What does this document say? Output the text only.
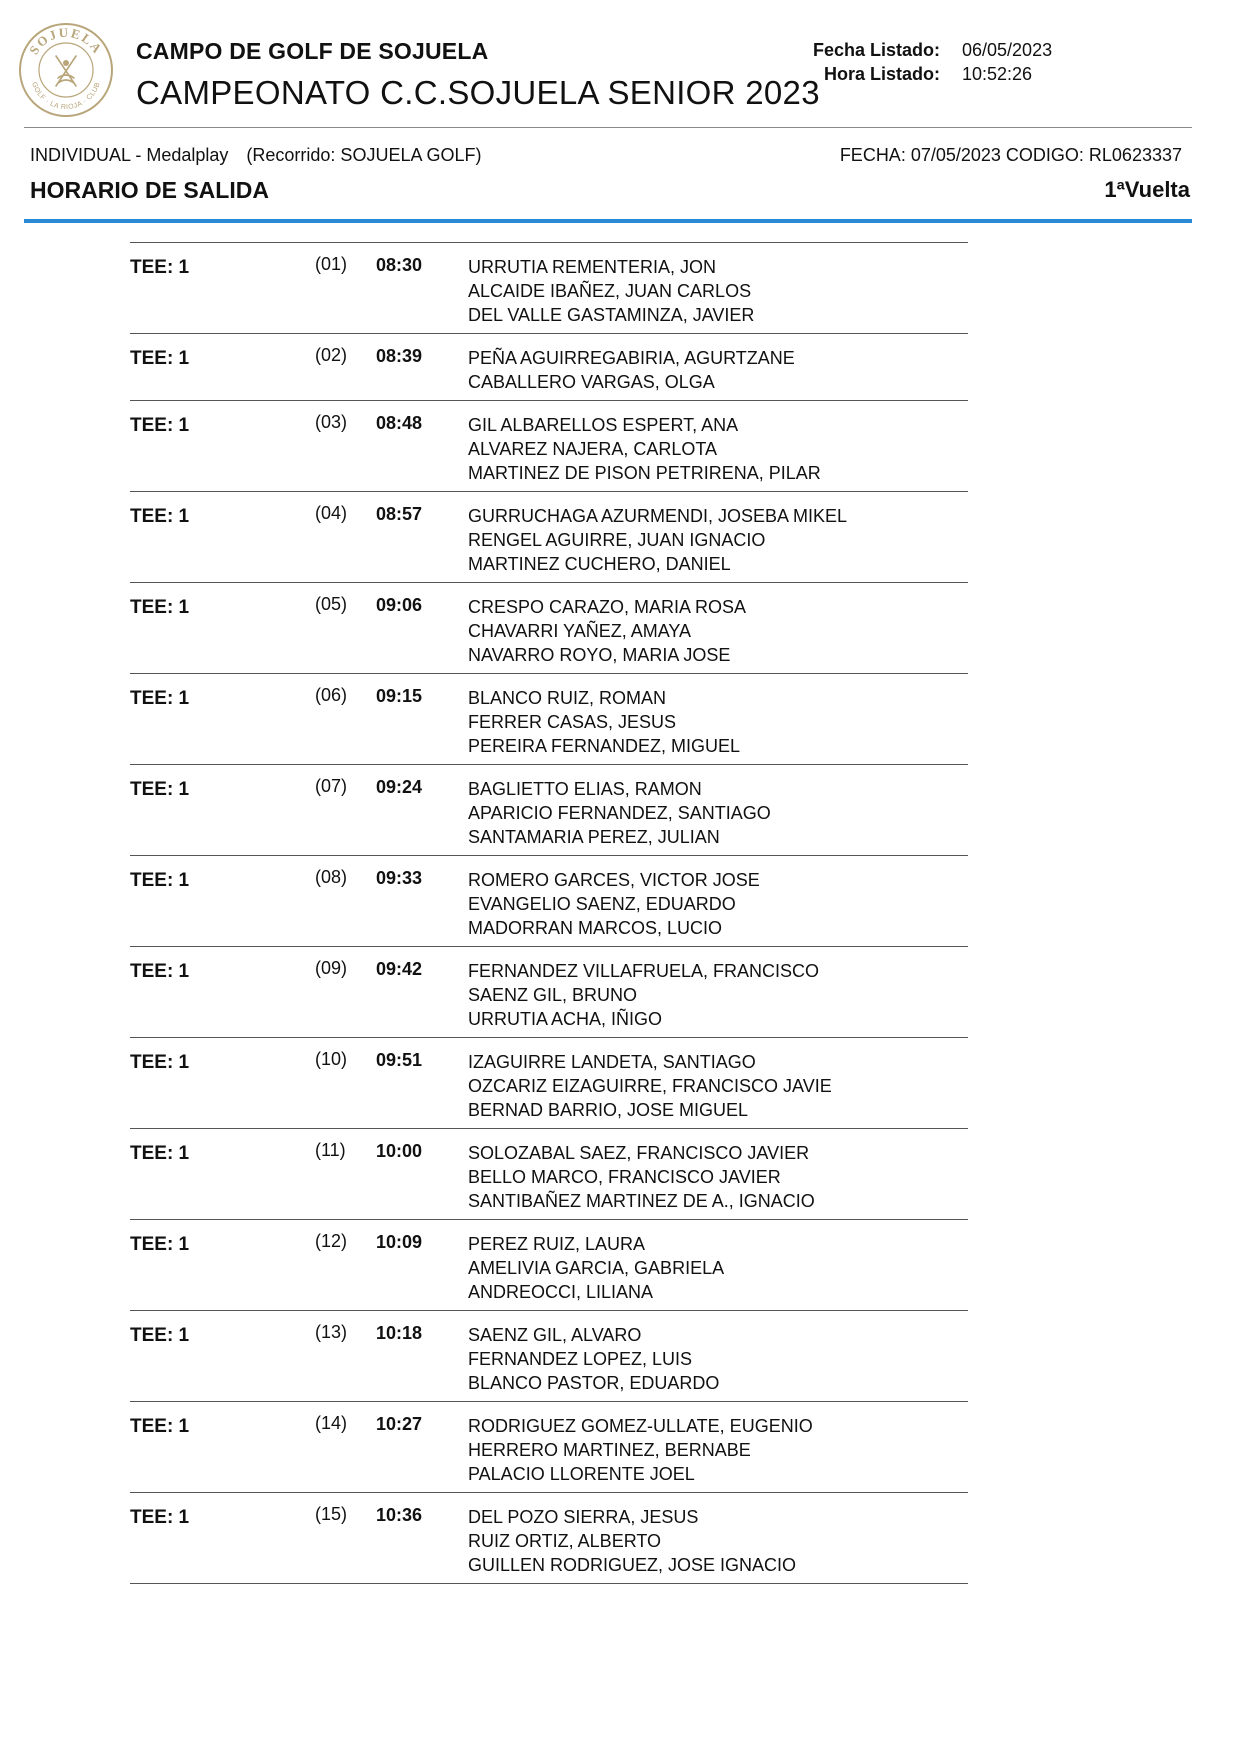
SOJUELA
GOLF · LA RIOJA · CLUB
CAMPO DE GOLF DE SOJUELA
CAMPEONATO C.C.SOJUELA SENIOR 2023
Fecha Listado:
Hora Listado:
06/05/2023
10:52:26
INDIVIDUAL - Medalplay (Recorrido: SOJUELA GOLF)	FECHA: 07/05/2023 CODIGO: RL0623337
HORARIO DE SALIDA	1ªVuelta
TEE: 1	(01) 08:30	URRUTIA REMENTERIA, JON
ALCAIDE IBAÑEZ, JUAN CARLOS
DEL VALLE GASTAMINZA, JAVIER
TEE: 1	(02) 08:39	PEÑA AGUIRREGABIRIA, AGURTZANE
CABALLERO VARGAS, OLGA
TEE: 1	(03) 08:48	GIL ALBARELLOS ESPERT, ANA
ALVAREZ NAJERA, CARLOTA
MARTINEZ DE PISON PETRIRENA, PILAR
TEE: 1	(04) 08:57	GURRUCHAGA AZURMENDI, JOSEBA MIKEL
RENGEL AGUIRRE, JUAN IGNACIO
MARTINEZ CUCHERO, DANIEL
TEE: 1	(05) 09:06	CRESPO CARAZO, MARIA ROSA
CHAVARRI YAÑEZ, AMAYA
NAVARRO ROYO, MARIA JOSE
TEE: 1	(06) 09:15	BLANCO RUIZ, ROMAN
FERRER CASAS, JESUS
PEREIRA FERNANDEZ, MIGUEL
TEE: 1	(07) 09:24	BAGLIETTO ELIAS, RAMON
APARICIO FERNANDEZ, SANTIAGO
SANTAMARIA PEREZ, JULIAN
TEE: 1	(08) 09:33	ROMERO GARCES, VICTOR JOSE
EVANGELIO SAENZ, EDUARDO
MADORRAN MARCOS, LUCIO
TEE: 1	(09) 09:42	FERNANDEZ VILLAFRUELA, FRANCISCO
SAENZ GIL, BRUNO
URRUTIA ACHA, IÑIGO
TEE: 1	(10) 09:51	IZAGUIRRE LANDETA, SANTIAGO
OZCARIZ EIZAGUIRRE, FRANCISCO JAVIE
BERNAD BARRIO, JOSE MIGUEL
TEE: 1	(11) 10:00	SOLOZABAL SAEZ, FRANCISCO JAVIER
BELLO MARCO, FRANCISCO JAVIER
SANTIBAÑEZ MARTINEZ DE A., IGNACIO
TEE: 1	(12) 10:09	PEREZ RUIZ, LAURA
AMELIVIA GARCIA, GABRIELA
ANDREOCCI, LILIANA
TEE: 1	(13) 10:18	SAENZ GIL, ALVARO
FERNANDEZ LOPEZ, LUIS
BLANCO PASTOR, EDUARDO
TEE: 1	(14) 10:27	RODRIGUEZ GOMEZ-ULLATE, EUGENIO
HERRERO MARTINEZ, BERNABE
PALACIO LLORENTE JOEL
TEE: 1	(15) 10:36	DEL POZO SIERRA, JESUS
RUIZ ORTIZ, ALBERTO
GUILLEN RODRIGUEZ, JOSE IGNACIO
